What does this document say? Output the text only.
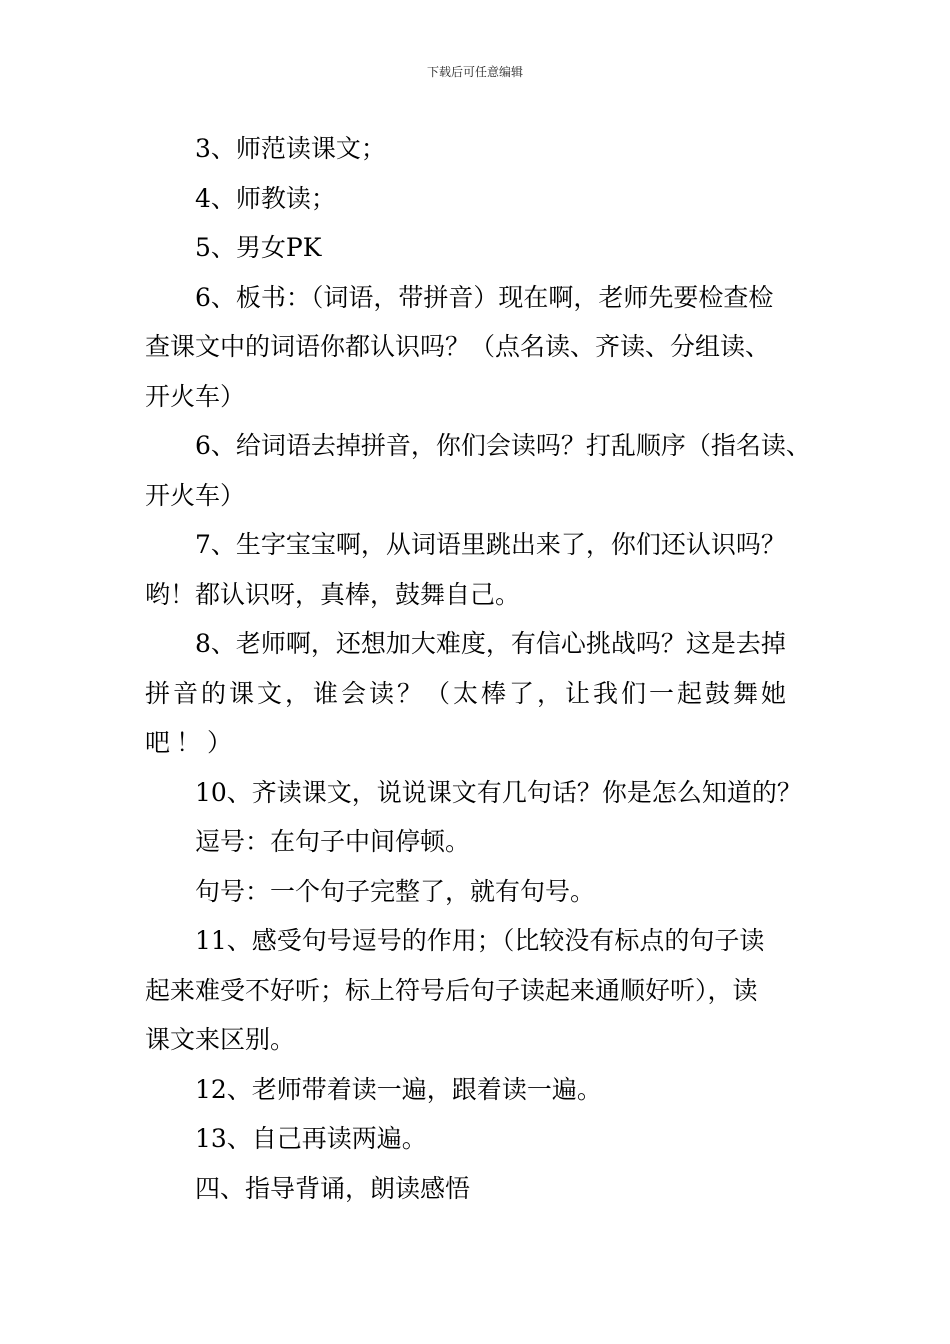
下载后可任意编辑

3、师范读课文；

4、师教读；

5、男女PK

6、板书：（词语，带拼音）现在啊，老师先要检查检
查课文中的词语你都认识吗？（点名读、齐读、分组读、
开火车）

6、给词语去掉拼音，你们会读吗？打乱顺序（指名读、
开火车）

7、生字宝宝啊，从词语里跳出来了，你们还认识吗？
哟！都认识呀，真棒，鼓舞自己。

8、老师啊，还想加大难度，有信心挑战吗？这是去掉
拼音的课文，谁会读？（太棒了，让我们一起鼓舞她
吧！）

10、齐读课文，说说课文有几句话？你是怎么知道的？

逗号：在句子中间停顿。

句号：一个句子完整了，就有句号。

11、感受句号逗号的作用；（比较没有标点的句子读
起来难受不好听；标上符号后句子读起来通顺好听），读
课文来区别。

12、老师带着读一遍，跟着读一遍。

13、自己再读两遍。

四、指导背诵，朗读感悟
